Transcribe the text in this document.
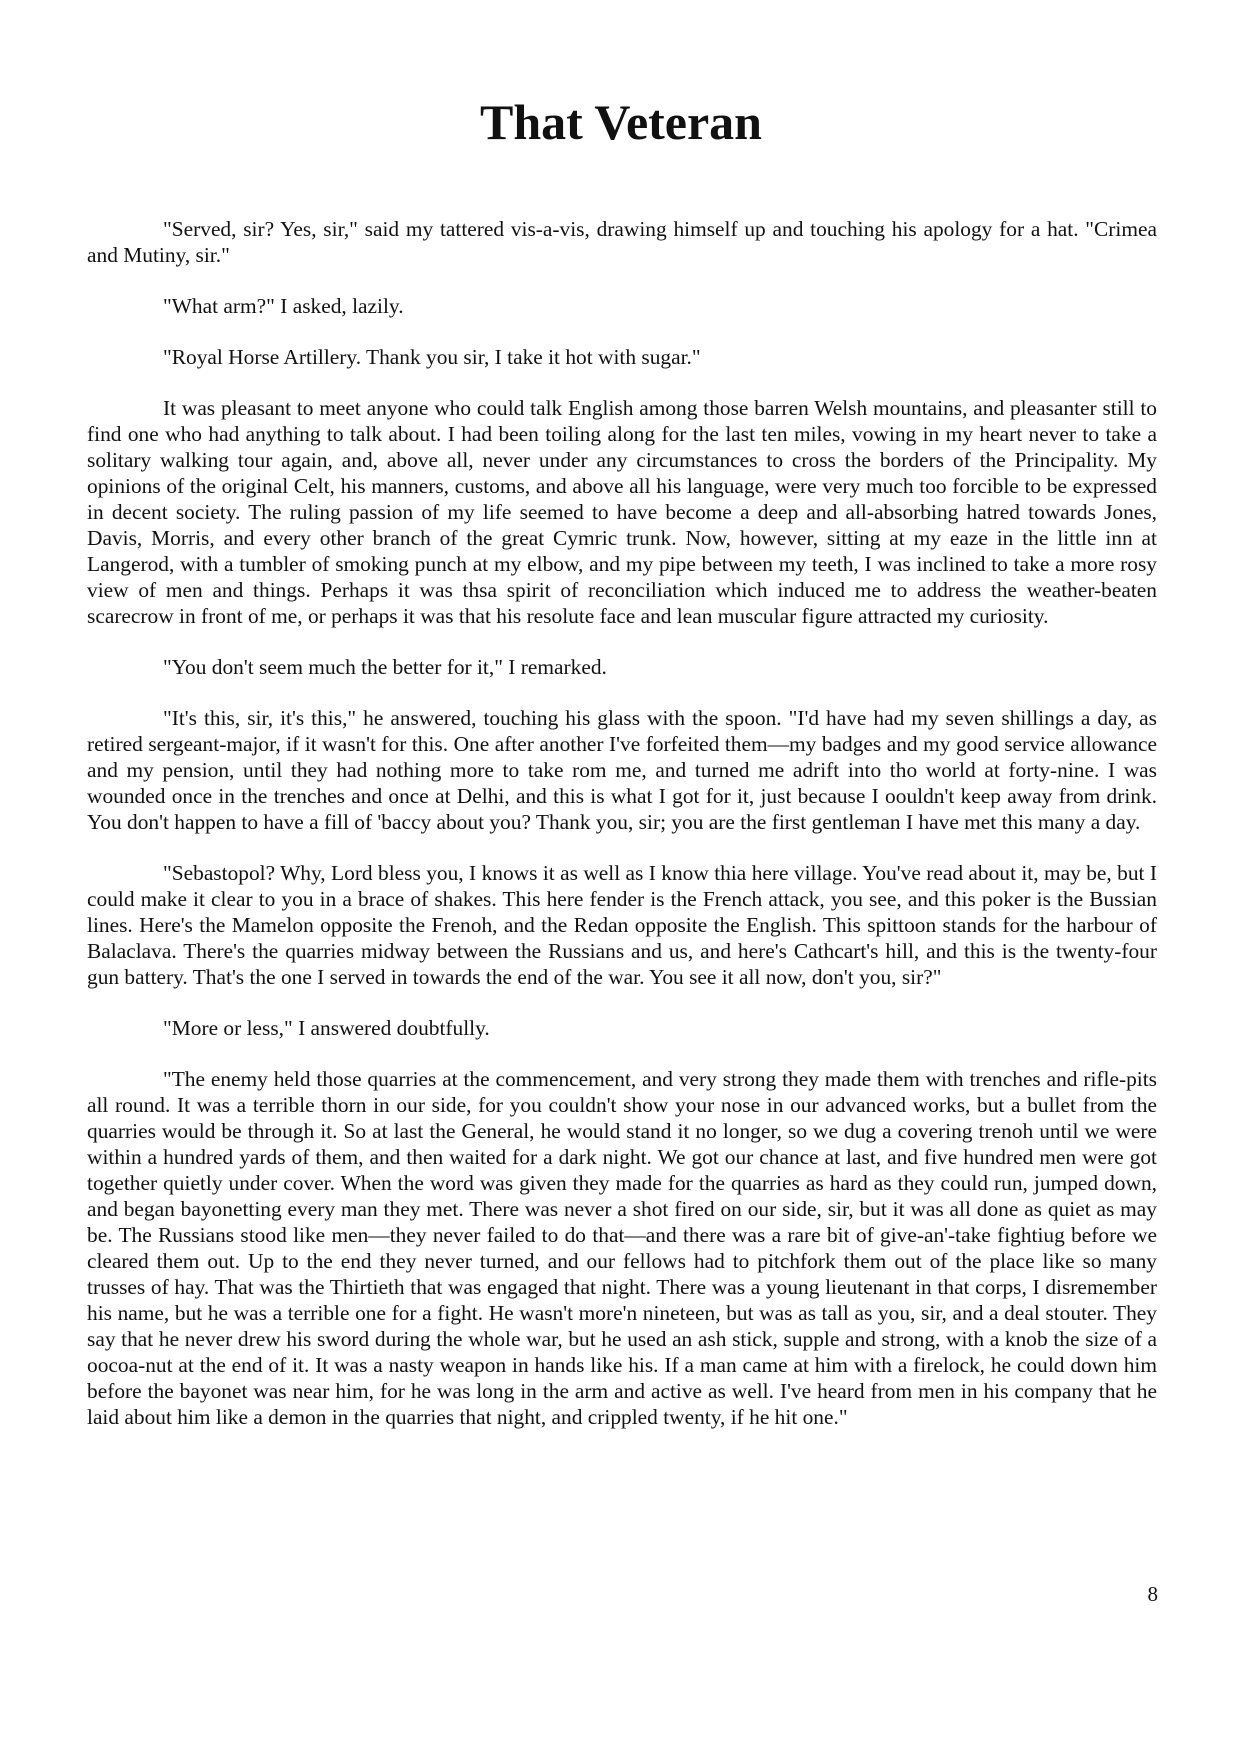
That Veteran

"Served, sir? Yes, sir," said my tattered vis-a-vis, drawing himself up and touching his apology for a hat. "Crimea and Mutiny, sir."

"What arm?" I asked, lazily.

"Royal Horse Artillery. Thank you sir, I take it hot with sugar."

It was pleasant to meet anyone who could talk English among those barren Welsh mountains, and pleasanter still to find one who had anything to talk about. I had been toiling along for the last ten miles, vowing in my heart never to take a solitary walking tour again, and, above all, never under any circumstances to cross the borders of the Principality. My opinions of the original Celt, his manners, customs, and above all his language, were very much too forcible to be expressed in decent society. The ruling passion of my life seemed to have become a deep and all-absorbing hatred towards Jones, Davis, Morris, and every other branch of the great Cymric trunk. Now, however, sitting at my eaze in the little inn at Langerod, with a tumbler of smoking punch at my elbow, and my pipe between my teeth, I was inclined to take a more rosy view of men and things. Perhaps it was thsa spirit of reconciliation which induced me to address the weather-beaten scarecrow in front of me, or perhaps it was that his resolute face and lean muscular figure attracted my curiosity.

"You don't seem much the better for it," I remarked.

"It's this, sir, it's this," he answered, touching his glass with the spoon. "I'd have had my seven shillings a day, as retired sergeant-major, if it wasn't for this. One after another I've forfeited them—my badges and my good service allowance and my pension, until they had nothing more to take rom me, and turned me adrift into tho world at forty-nine. I was wounded once in the trenches and once at Delhi, and this is what I got for it, just because I oouldn't keep away from drink. You don't happen to have a fill of 'baccy about you? Thank you, sir; you are the first gentleman I have met this many a day.

"Sebastopol? Why, Lord bless you, I knows it as well as I know thia here village. You've read about it, may be, but I could make it clear to you in a brace of shakes. This here fender is the French attack, you see, and this poker is the Bussian lines. Here's the Mamelon opposite the Frenoh, and the Redan opposite the English. This spittoon stands for the harbour of Balaclava. There's the quarries midway between the Russians and us, and here's Cathcart's hill, and this is the twenty-four gun battery. That's the one I served in towards the end of the war. You see it all now, don't you, sir?"

"More or less," I answered doubtfully.

"The enemy held those quarries at the commencement, and very strong they made them with trenches and rifle-pits all round. It was a terrible thorn in our side, for you couldn't show your nose in our advanced works, but a bullet from the quarries would be through it. So at last the General, he would stand it no longer, so we dug a covering trenoh until we were within a hundred yards of them, and then waited for a dark night. We got our chance at last, and five hundred men were got together quietly under cover. When the word was given they made for the quarries as hard as they could run, jumped down, and began bayonetting every man they met. There was never a shot fired on our side, sir, but it was all done as quiet as may be. The Russians stood like men—they never failed to do that—and there was a rare bit of give-an'-take fightiug before we cleared them out. Up to the end they never turned, and our fellows had to pitchfork them out of the place like so many trusses of hay. That was the Thirtieth that was engaged that night. There was a young lieutenant in that corps, I disremember his name, but he was a terrible one for a fight. He wasn't more'n nineteen, but was as tall as you, sir, and a deal stouter. They say that he never drew his sword during the whole war, but he used an ash stick, supple and strong, with a knob the size of a oocoa-nut at the end of it. It was a nasty weapon in hands like his. If a man came at him with a firelock, he could down him before the bayonet was near him, for he was long in the arm and active as well. I've heard from men in his company that he laid about him like a demon in the quarries that night, and crippled twenty, if he hit one."

8
